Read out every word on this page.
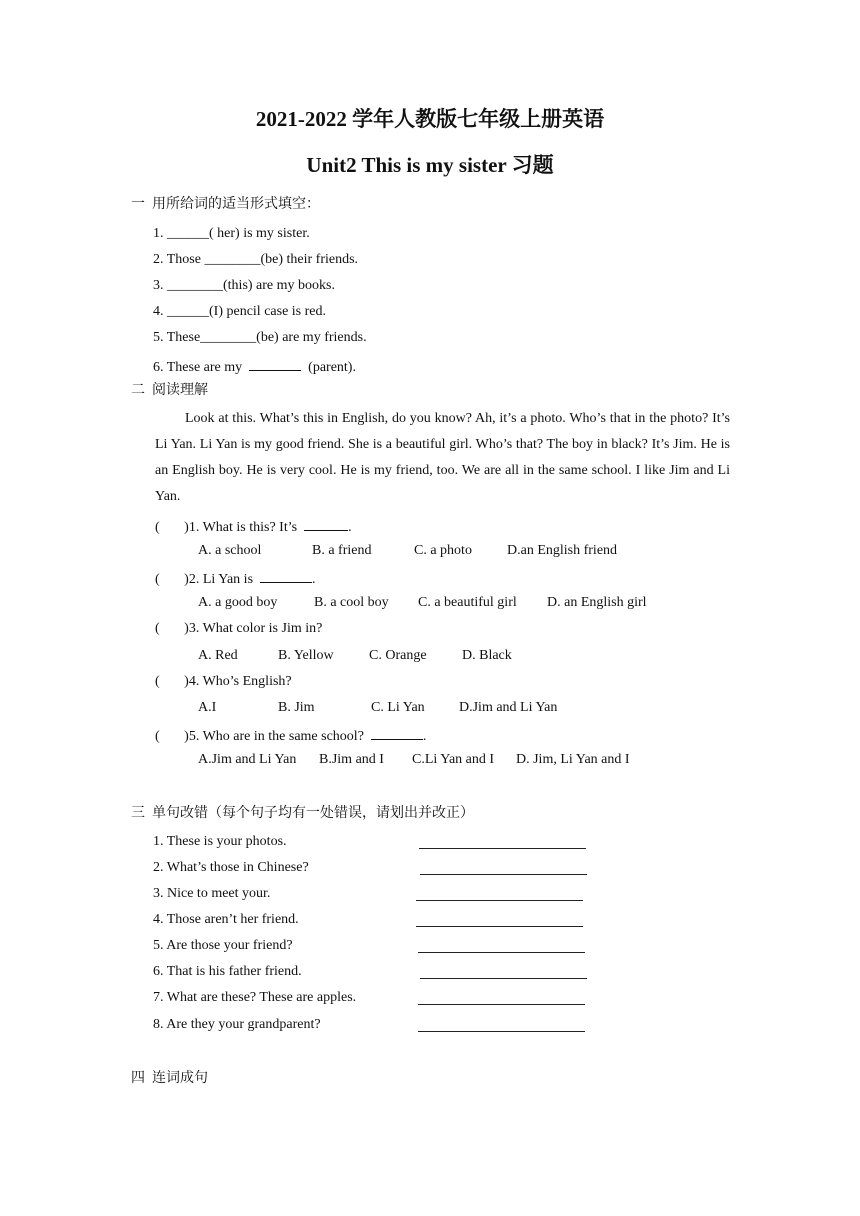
2021-2022 学年人教版七年级上册英语
Unit2 This is my sister 习题
一  用所给词的适当形式填空：
1. ______( her) is my sister.
2. Those ________(be) their friends.
3. ________(this) are my books.
4. ______(I) pencil case is red.
5. These________(be) are my friends.
6. These are my	(parent).
二  阅读理解
Look at this. What’s this in English, do you know? Ah, it’s a photo. Who’s that in the photo? It’s Li Yan. Li Yan is my good friend. She is a beautiful girl. Who’s that? The boy in black? It’s Jim. He is an English boy. He is very cool. He is my friend, too. We are all in the same school. I like Jim and Li Yan.
( )1. What is this? It’s	.
A. a school	B. a friend	C. a photo	D.an English friend
( )2. Li Yan is	.
A. a good boy	B. a cool boy C. a beautiful girl D. an English girl
( )3. What color is Jim in?
A. Red	B. Yellow	C. Orange	D. Black
( )4. Who’s English?
A.I	B. Jim	C. Li Yan D.Jim and Li Yan
( )5. Who are in the same school?	.
A.Jim and Li Yan B.Jim and I C.Li Yan and I D. Jim, Li Yan and I
三  单句改错（每个句子均有一处错误，请划出并改正）
1. These is your photos.
2. What’s those in Chinese?
3. Nice to meet your.
4. Those aren’t her friend.
5. Are those your friend?
6. That is his father friend.
7. What are these? These are apples.
8. Are they your grandparent?
四  连词成句
